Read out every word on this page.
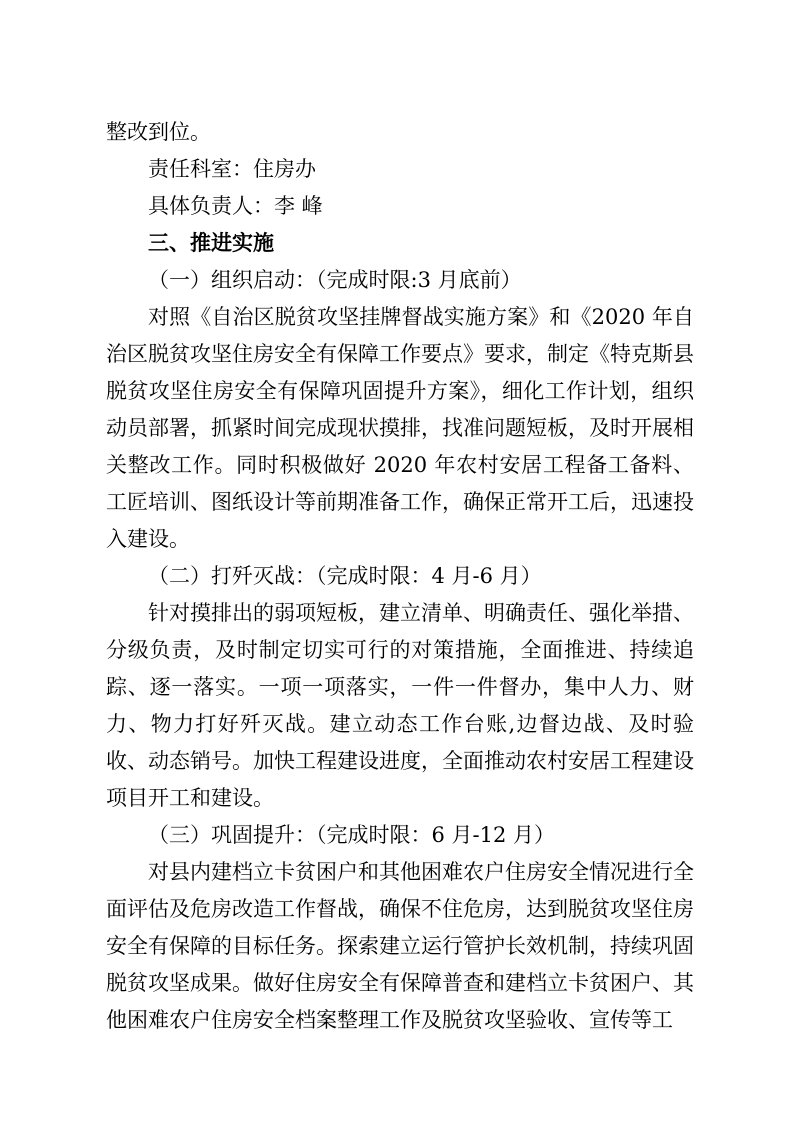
整改到位。

责任科室：住房办

具体负责人：李 峰

三、推进实施

（一）组织启动：（完成时限:3 月底前）

对照《自治区脱贫攻坚挂牌督战实施方案》和《2020 年自治区脱贫攻坚住房安全有保障工作要点》要求，制定《特克斯县脱贫攻坚住房安全有保障巩固提升方案》，细化工作计划，组织动员部署，抓紧时间完成现状摸排，找准问题短板，及时开展相关整改工作。同时积极做好 2020 年农村安居工程备工备料、工匠培训、图纸设计等前期准备工作，确保正常开工后，迅速投入建设。

（二）打歼灭战：（完成时限：4 月-6 月）

针对摸排出的弱项短板，建立清单、明确责任、强化举措、分级负责，及时制定切实可行的对策措施，全面推进、持续追踪、逐一落实。一项一项落实，一件一件督办，集中人力、财力、物力打好歼灭战。建立动态工作台账,边督边战、及时验收、动态销号。加快工程建设进度，全面推动农村安居工程建设项目开工和建设。

（三）巩固提升：（完成时限：6 月-12 月）

对县内建档立卡贫困户和其他困难农户住房安全情况进行全面评估及危房改造工作督战，确保不住危房，达到脱贫攻坚住房安全有保障的目标任务。探索建立运行管护长效机制，持续巩固脱贫攻坚成果。做好住房安全有保障普查和建档立卡贫困户、其他困难农户住房安全档案整理工作及脱贫攻坚验收、宣传等工
